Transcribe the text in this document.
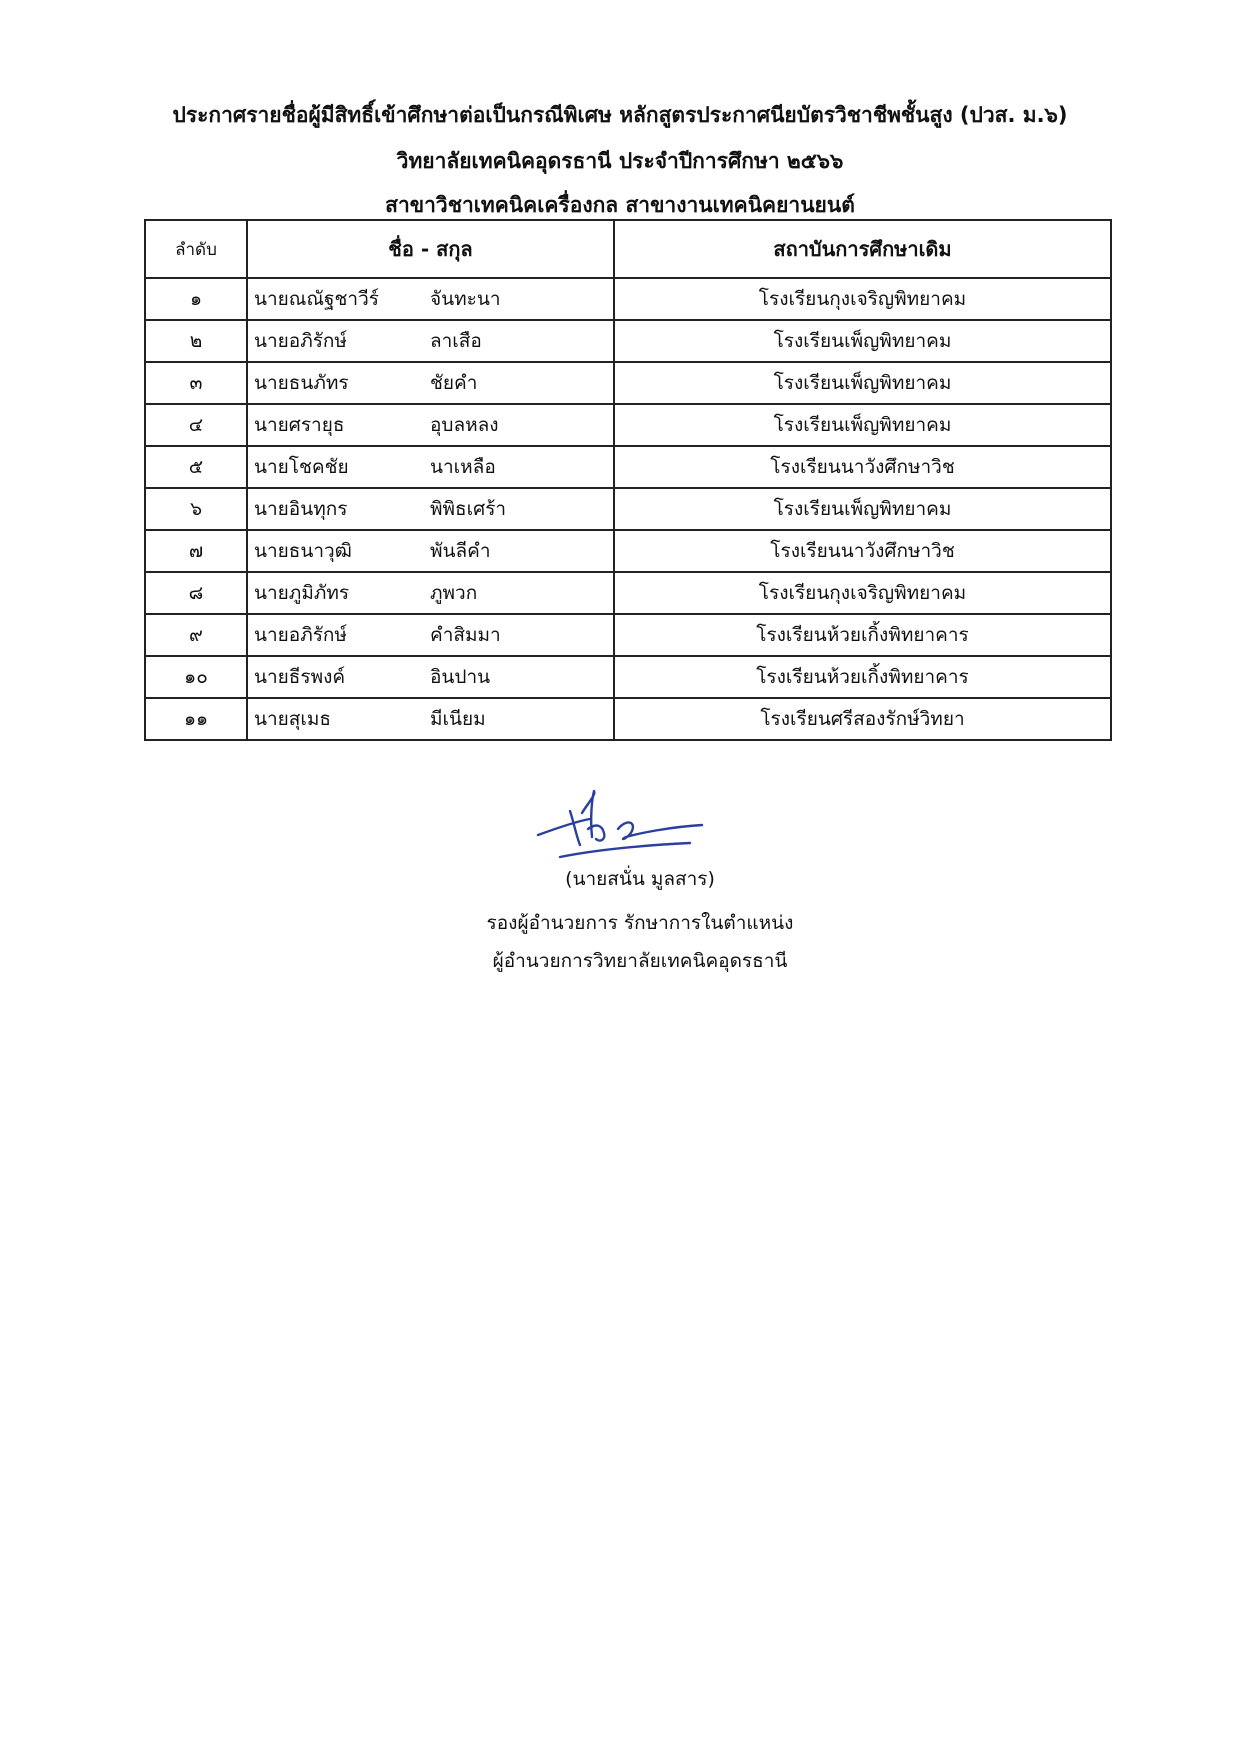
ประกาศรายชื่อผู้มีสิทธิ์เข้าศึกษาต่อเป็นกรณีพิเศษ หลักสูตรประกาศนียบัตรวิชาชีพชั้นสูง (ปวส. ม.๖)
วิทยาลัยเทคนิคอุดรธานี ประจำปีการศึกษา ๒๕๖๖
สาขาวิชาเทคนิคเครื่องกล สาขางานเทคนิคยานยนต์
ลำดับ	ชื่อ - สกุล	สถาบันการศึกษาเดิม
๑	นายณณัฐชาวีร์ จันทะนา	โรงเรียนกุงเจริญพิทยาคม
๒	นายอภิรักษ์ ลาเสือ	โรงเรียนเพ็ญพิทยาคม
๓	นายธนภัทร ชัยคำ	โรงเรียนเพ็ญพิทยาคม
๔	นายศรายุธ อุบลหลง	โรงเรียนเพ็ญพิทยาคม
๕	นายโชคชัย นาเหลือ	โรงเรียนนาวังศึกษาวิช
๖	นายอินทุกร พิพิธเศร้า	โรงเรียนเพ็ญพิทยาคม
๗	นายธนาวุฒิ พันลีคำ	โรงเรียนนาวังศึกษาวิช
๘	นายภูมิภัทร ภูพวก	โรงเรียนกุงเจริญพิทยาคม
๙	นายอภิรักษ์ คำสิมมา	โรงเรียนห้วยเกิ้งพิทยาคาร
๑๐	นายธีรพงค์ อินปาน	โรงเรียนห้วยเกิ้งพิทยาคาร
๑๑	นายสุเมธ มีเนียม	โรงเรียนศรีสองรักษ์วิทยา
(นายสนั่น มูลสาร)
รองผู้อำนวยการ รักษาการในตำแหน่ง
ผู้อำนวยการวิทยาลัยเทคนิคอุดรธานี
